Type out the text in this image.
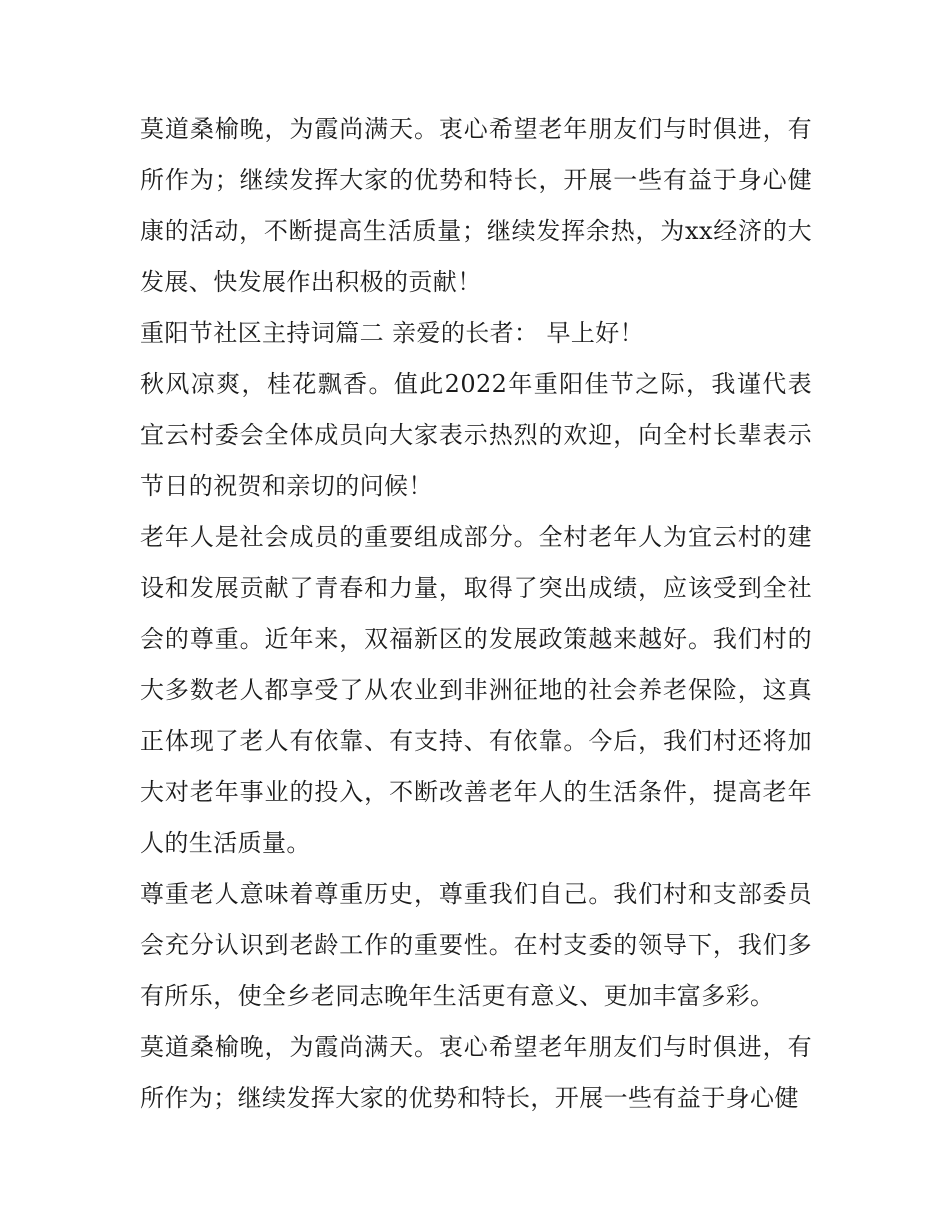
莫道桑榆晚，为霞尚满天。衷心希望老年朋友们与时俱进，有所作为；继续发挥大家的优势和特长，开展一些有益于身心健康的活动，不断提高生活质量；继续发挥余热，为xx经济的大发展、快发展作出积极的贡献！

重阳节社区主持词篇二 亲爱的长者： 早上好！

秋风凉爽，桂花飘香。值此2022年重阳佳节之际，我谨代表宜云村委会全体成员向大家表示热烈的欢迎，向全村长辈表示节日的祝贺和亲切的问候！

老年人是社会成员的重要组成部分。全村老年人为宜云村的建设和发展贡献了青春和力量，取得了突出成绩，应该受到全社会的尊重。近年来，双福新区的发展政策越来越好。我们村的大多数老人都享受了从农业到非洲征地的社会养老保险，这真正体现了老人有依靠、有支持、有依靠。今后，我们村还将加大对老年事业的投入，不断改善老年人的生活条件，提高老年人的生活质量。

尊重老人意味着尊重历史，尊重我们自己。我们村和支部委员会充分认识到老龄工作的重要性。在村支委的领导下，我们多有所乐，使全乡老同志晚年生活更有意义、更加丰富多彩。

莫道桑榆晚，为霞尚满天。衷心希望老年朋友们与时俱进，有所作为；继续发挥大家的优势和特长，开展一些有益于身心健
